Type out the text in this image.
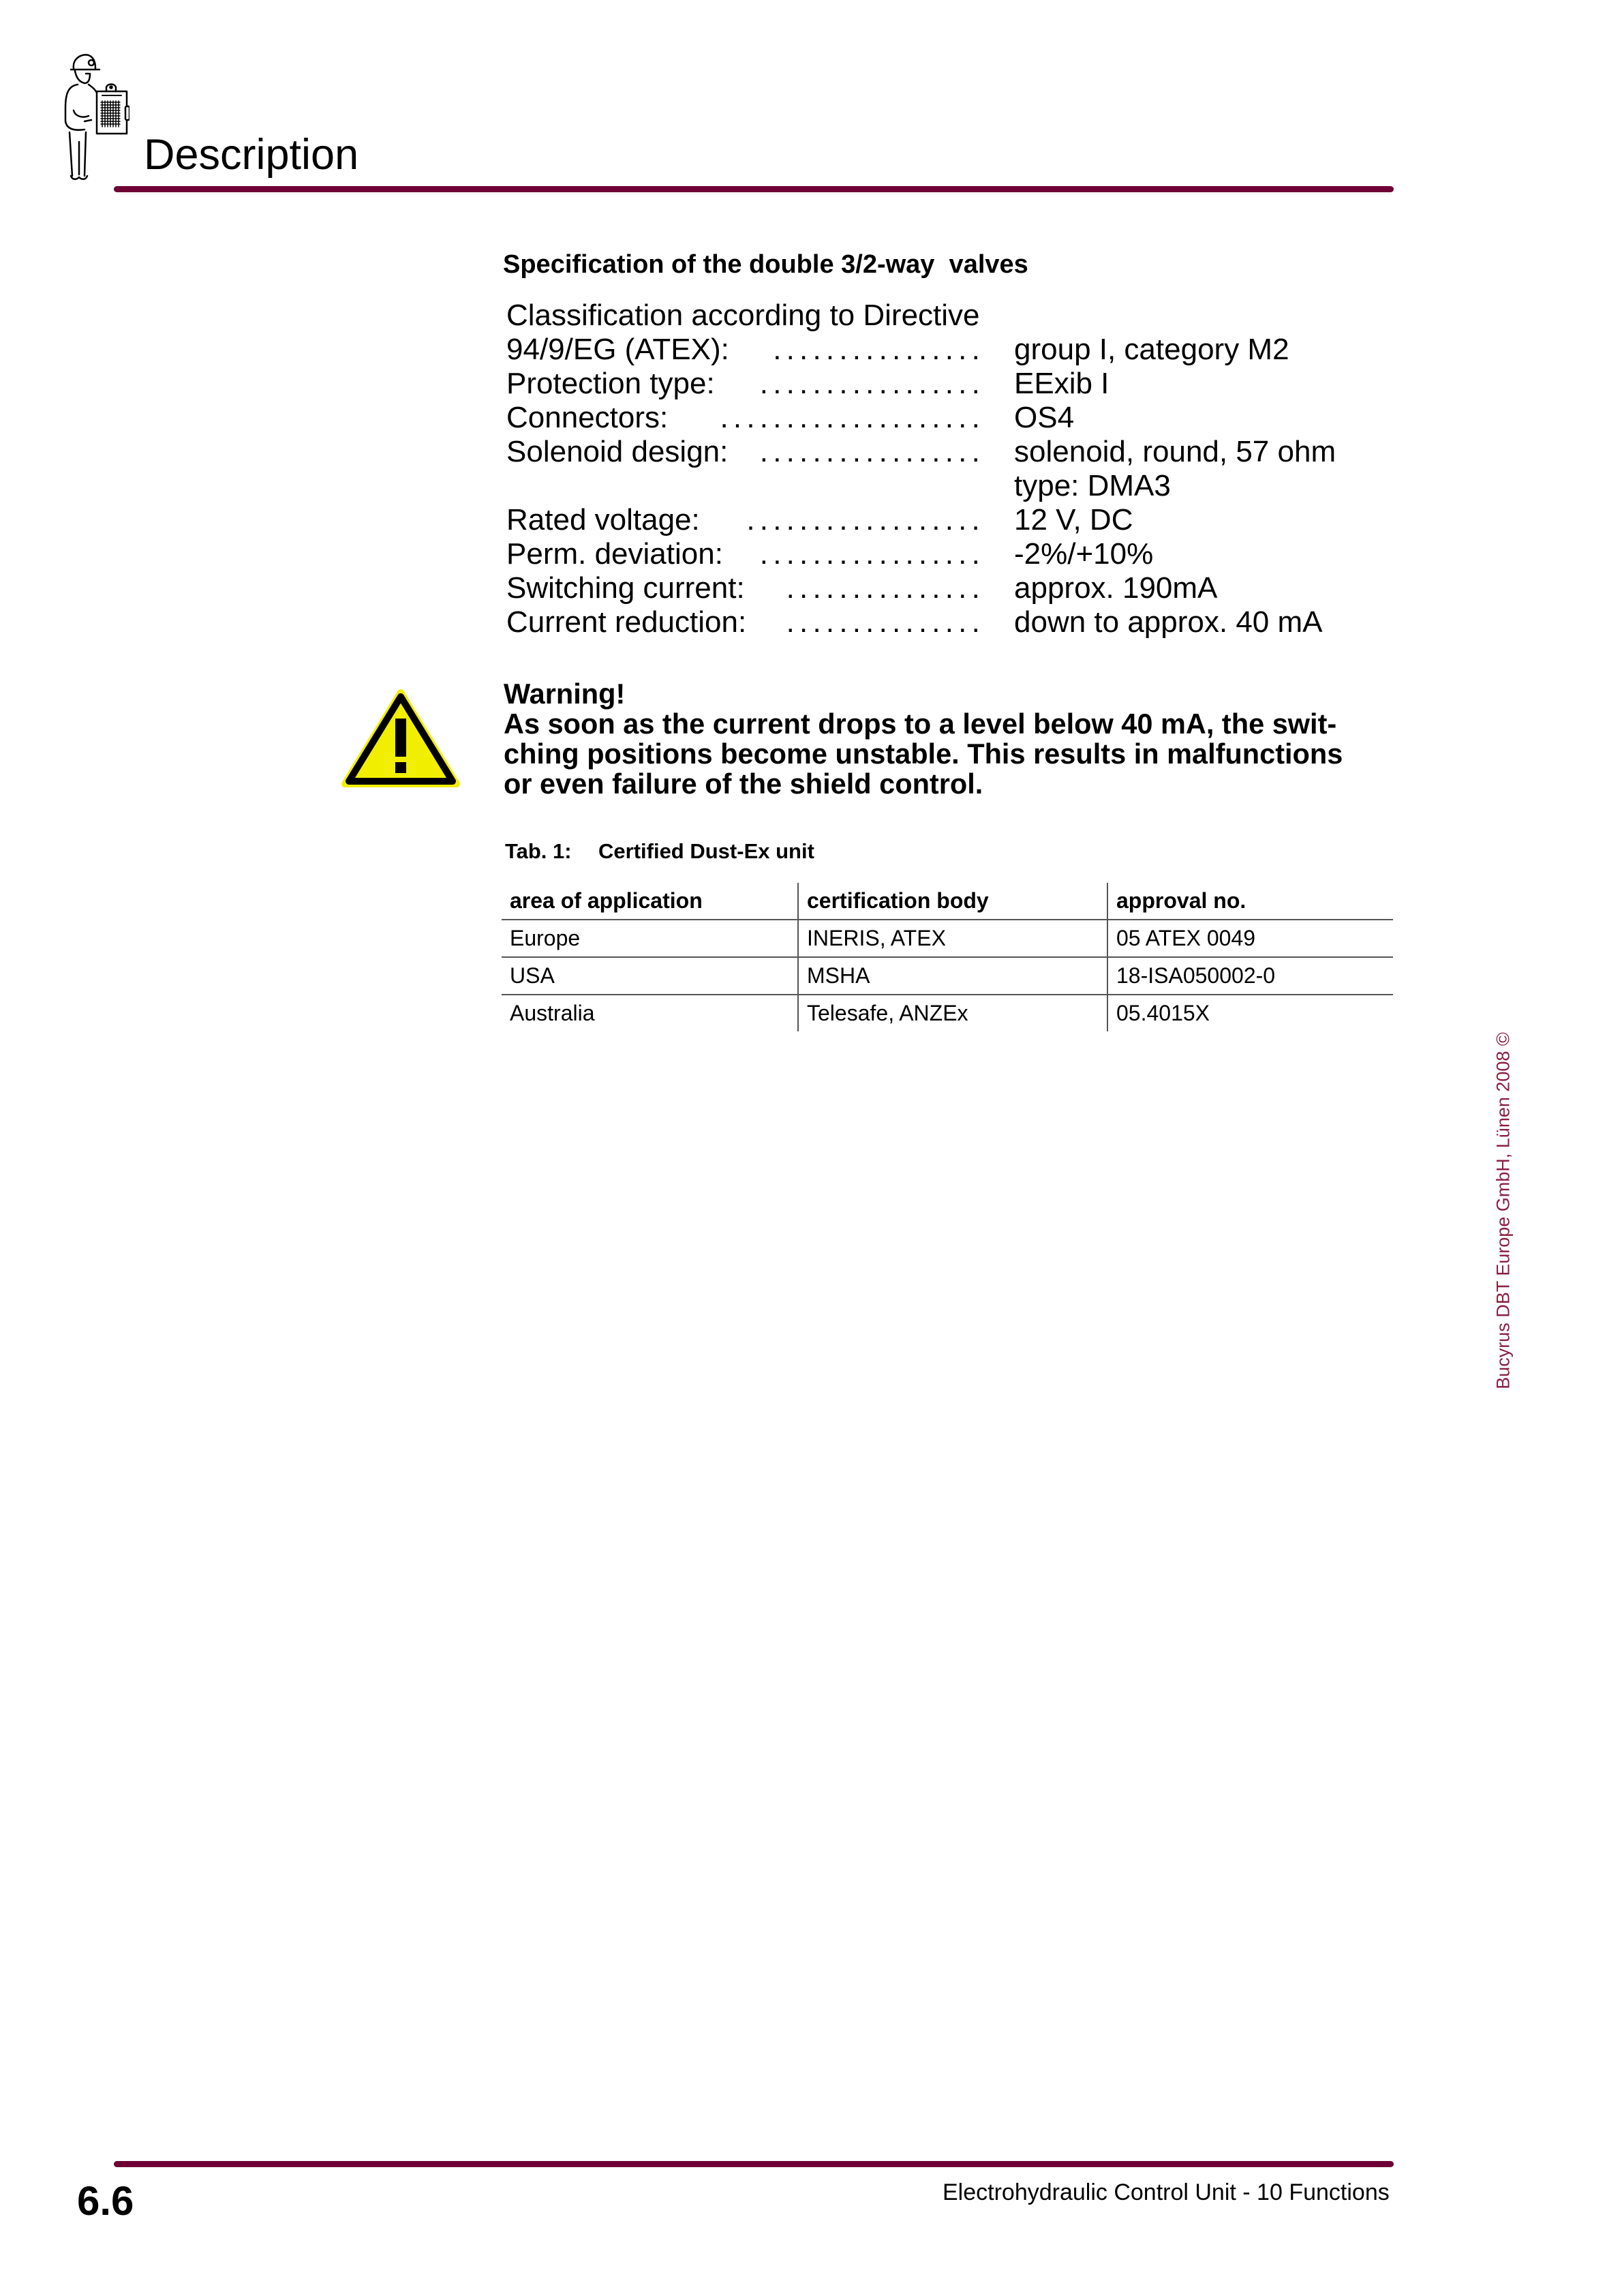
Description
Specification of the double 3/2-way  valves
Classification according to Directive
94/9/EG (ATEX): ................ group I, category M2
Protection type: ................. EExib I
Connectors: .................... OS4
Solenoid design: ................. solenoid, round, 57 ohm
type: DMA3
Rated voltage: .................. 12 V, DC
Perm. deviation: ................. -2%/+10%
Switching current: ............... approx. 190mA
Current reduction: ............... down to approx. 40 mA
Warning!
As soon as the current drops to a level below 40 mA, the swit-
ching positions become unstable. This results in malfunctions
or even failure of the shield control.
Tab. 1: Certified Dust-Ex unit
area of application	certification body	approval no.
Europe	INERIS, ATEX	05 ATEX 0049
USA	MSHA	18-ISA050002-0
Australia	Telesafe, ANZEx	05.4015X
Bucyrus DBT Europe GmbH, Lünen 2008 ©
6.6	Electrohydraulic Control Unit - 10 Functions
